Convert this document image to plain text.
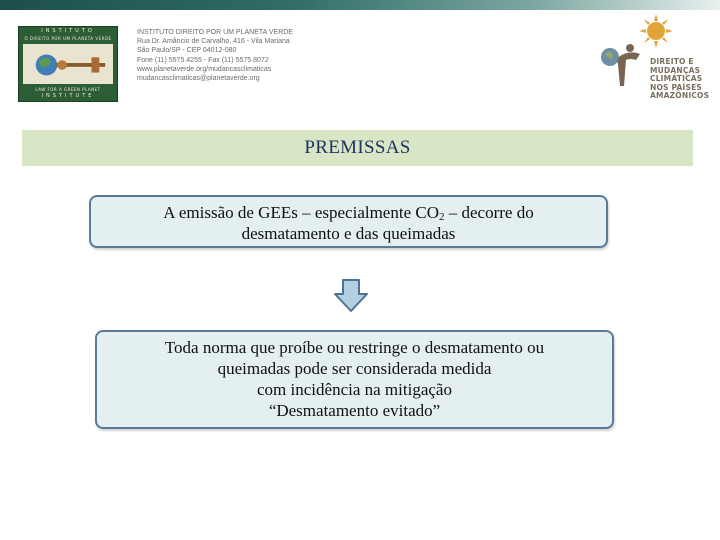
INSTITUTO
O DIREITO POR UM PLANETA VERDE
LAW FOR A GREEN PLANET
INSTITUTE
INSTITUTO DIREITO POR UM PLANETA VERDE
Rua Dr. Amâncio de Carvalho, 416 - Vila Mariana
São Paulo/SP - CEP 04012-080
Fone (11) 5575.4255 - Fax (11) 5575.8072
www.planetaverde.org/mudancasclimaticas
mudancasclimaticas@planetaverde.org
DIREITO E
MUDANÇAS
CLIMÁTICAS
NOS PAÍSES
AMAZÔNICOS
PREMISSAS
A emissão de GEEs – especialmente $CO_2$ – decorre do
desmatamento e das queimadas
Toda norma que proíbe ou restringe o desmatamento ou
queimadas pode ser considerada medida
com incidência na mitigação
“Desmatamento evitado”
